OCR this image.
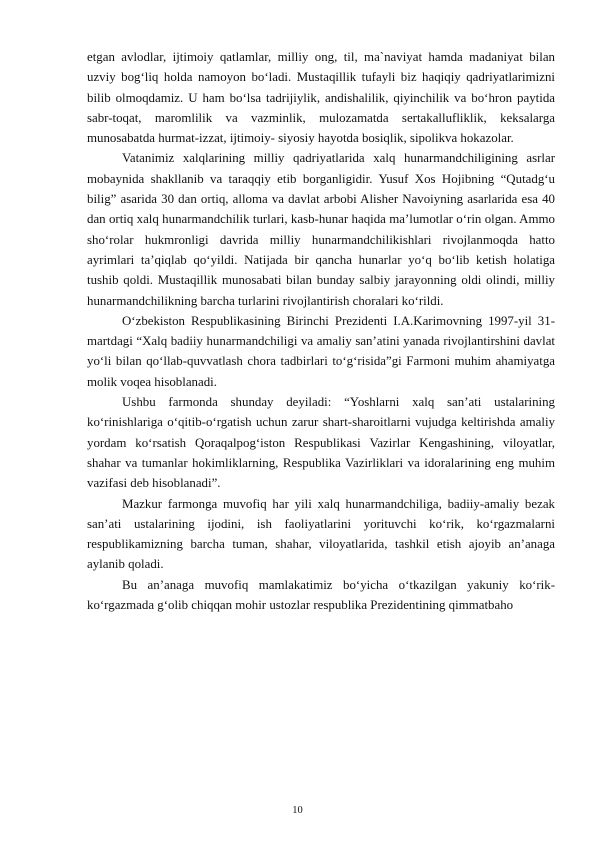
etgan avlodlar, ijtimoiy qatlamlar, milliy ong, til, ma`naviyat hamda madaniyat bilan uzviy bog‘liq holda namoyon bo‘ladi. Mustaqillik tufayli biz haqiqiy qadriyatlarimizni bilib olmoqdamiz. U ham bo‘lsa tadrijiylik, andishalilik, qiyinchilik va bo‘hron paytida sabr-toqat, maromlilik va vazminlik, mulozamatda sertakallufliklik, keksalarga munosabatda hurmat-izzat, ijtimoiy- siyosiy hayotda bosiqlik, sipolikva hokazolar.

Vatanimiz xalqlarining milliy qadriyatlarida xalq hunarmandchiligining asrlar mobaynida shakllanib va taraqqiy etib borganligidir. Yusuf Xos Hojibning “Qutadg‘u bilig” asarida 30 dan ortiq, alloma va davlat arbobi Alisher Navoiyning asarlarida esa 40 dan ortiq xalq hunarmandchilik turlari, kasb-hunar haqida ma’lumotlar o‘rin olgan. Ammo sho‘rolar hukmronligi davrida milliy hunarmandchilikishlari rivojlanmoqda hatto ayrimlari ta’qiqlab qo‘yildi. Natijada bir qancha hunarlar yo‘q bo‘lib ketish holatiga tushib qoldi. Mustaqillik munosabati bilan bunday salbiy jarayonning oldi olindi, milliy hunarmandchilikning barcha turlarini rivojlantirish choralari ko‘rildi.

O‘zbekiston Respublikasining Birinchi Prezidenti I.A.Karimovning 1997-yil 31-martdagi “Xalq badiiy hunarmandchiligi va amaliy san’atini yanada rivojlantirshini davlat yo‘li bilan qo‘llab-quvvatlash chora tadbirlari to‘g‘risida”gi Farmoni muhim ahamiyatga molik voqea hisoblanadi.

Ushbu farmonda shunday deyiladi: “Yoshlarni xalq san’ati ustalarining ko‘rinishlariga o‘qitib-o‘rgatish uchun zarur shart-sharoitlarni vujudga keltirishda amaliy yordam ko‘rsatish Qoraqalpog‘iston Respublikasi Vazirlar Kengashining, viloyatlar, shahar va tumanlar hokimliklarning, Respublika Vazirliklari va idoralarining eng muhim vazifasi deb hisoblanadi”.

Mazkur farmonga muvofiq har yili xalq hunarmandchiliga, badiiy-amaliy bezak san’ati ustalarining ijodini, ish faoliyatlarini yorituvchi ko‘rik, ko‘rgazmalarni respublikamizning barcha tuman, shahar, viloyatlarida, tashkil etish ajoyib an’anaga aylanib qoladi.

Bu an’anaga muvofiq mamlakatimiz bo‘yicha o‘tkazilgan yakuniy ko‘rik-ko‘rgazmada g‘olib chiqqan mohir ustozlar respublika Prezidentining qimmatbaho

10
